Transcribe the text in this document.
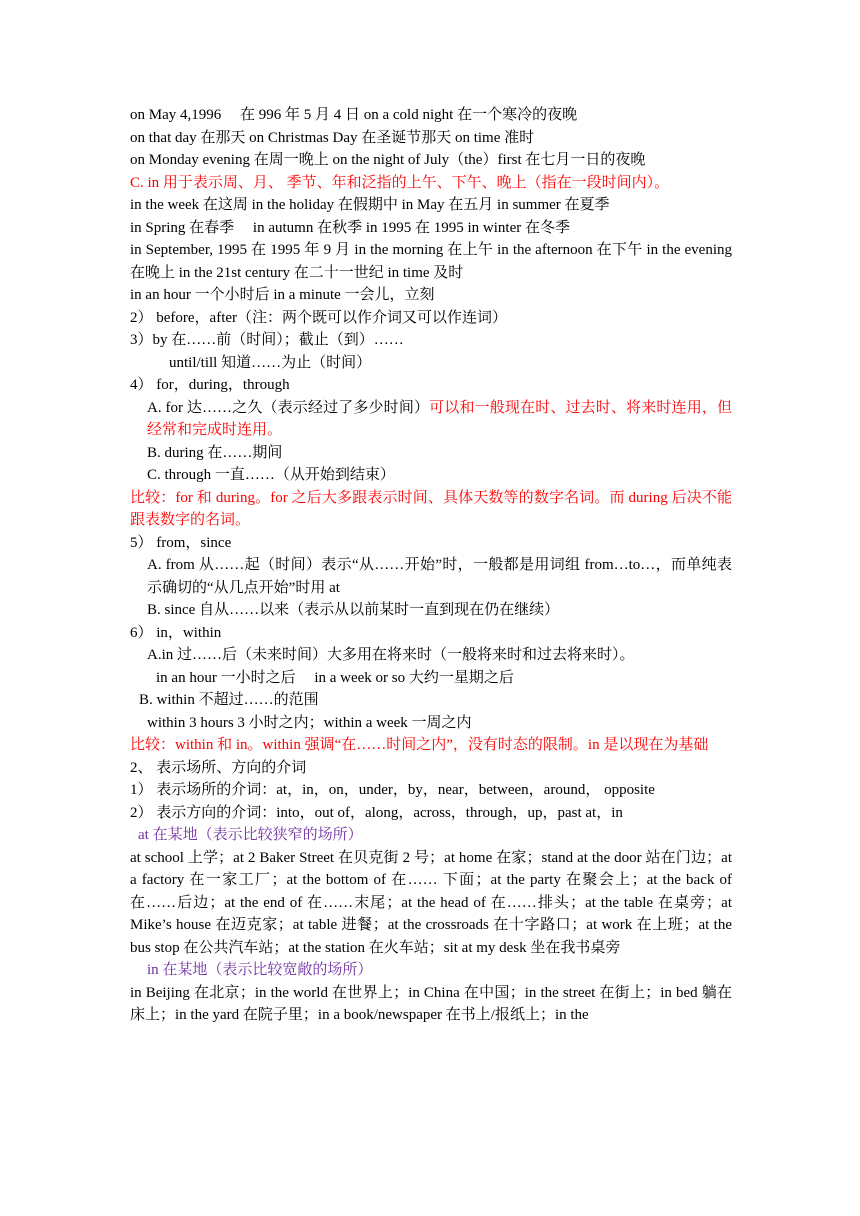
on May 4,1996　 在 996 年 5 月 4 日 on a cold night 在一个寒冷的夜晚
on that day 在那天 on Christmas Day 在圣诞节那天 on time 准时
on Monday evening 在周一晚上 on the night of July（the）first 在七月一日的夜晚
C. in 用于表示周、月、 季节、年和泛指的上午、下午、晚上（指在一段时间内）。
in the week 在这周 in the holiday 在假期中 in May 在五月 in summer 在夏季
in Spring 在春季　 in autumn 在秋季 in 1995 在 1995 in winter 在冬季
in September, 1995 在 1995 年 9 月 in the morning 在上午 in the afternoon 在下午 in the evening 在晚上 in the 21st century 在二十一世纪 in time 及时
in an hour 一个小时后 in a minute 一会儿，立刻
2） before，after（注：两个既可以作介词又可以作连词）
3）by 在……前（时间）；截止（到）……
until/till 知道……为止（时间）
4） for，during，through
A. for 达……之久（表示经过了多少时间）可以和一般现在时、过去时、将来时连用，但经常和完成时连用。
B. during 在……期间
C. through 一直……（从开始到结束）
比较：for 和 during。for 之后大多跟表示时间、具体天数等的数字名词。而 during 后决不能跟表数字的名词。
5） from，since
A. from 从……起（时间）表示“从……开始”时，一般都是用词组 from…to…，而单纯表示确切的“从几点开始”时用 at
B. since 自从……以来（表示从以前某时一直到现在仍在继续）
6） in，within
A.in 过……后（未来时间）大多用在将来时（一般将来时和过去将来时）。
in an hour 一小时之后　 in a week or so 大约一星期之后
B. within 不超过……的范围
within 3 hours 3 小时之内；within a week 一周之内
比较：within 和 in。within 强调“在……时间之内”，没有时态的限制。in 是以现在为基础
2、 表示场所、方向的介词
1） 表示场所的介词：at，in，on，under，by，near，between，around， opposite
2） 表示方向的介词：into，out of，along，across，through，up，past at，in
at 在某地（表示比较狭窄的场所）
at school 上学；at 2 Baker Street 在贝克街 2 号；at home 在家；stand at the door 站在门边；at a factory 在一家工厂；at the bottom of 在…… 下面；at the party 在聚会上；at the back of 在……后边；at the end of 在……末尾；at the head of 在……排头；at the table 在桌旁；at Mike’s house 在迈克家；at table 进餐；at the crossroads 在十字路口；at work 在上班；at the bus stop 在公共汽车站；at the station 在火车站；sit at my desk 坐在我书桌旁
in 在某地（表示比较宽敞的场所）
in Beijing 在北京；in the world 在世界上；in China 在中国；in the street 在街上；in bed 躺在床上；in the yard 在院子里；in a book/newspaper 在书上/报纸上；in the
